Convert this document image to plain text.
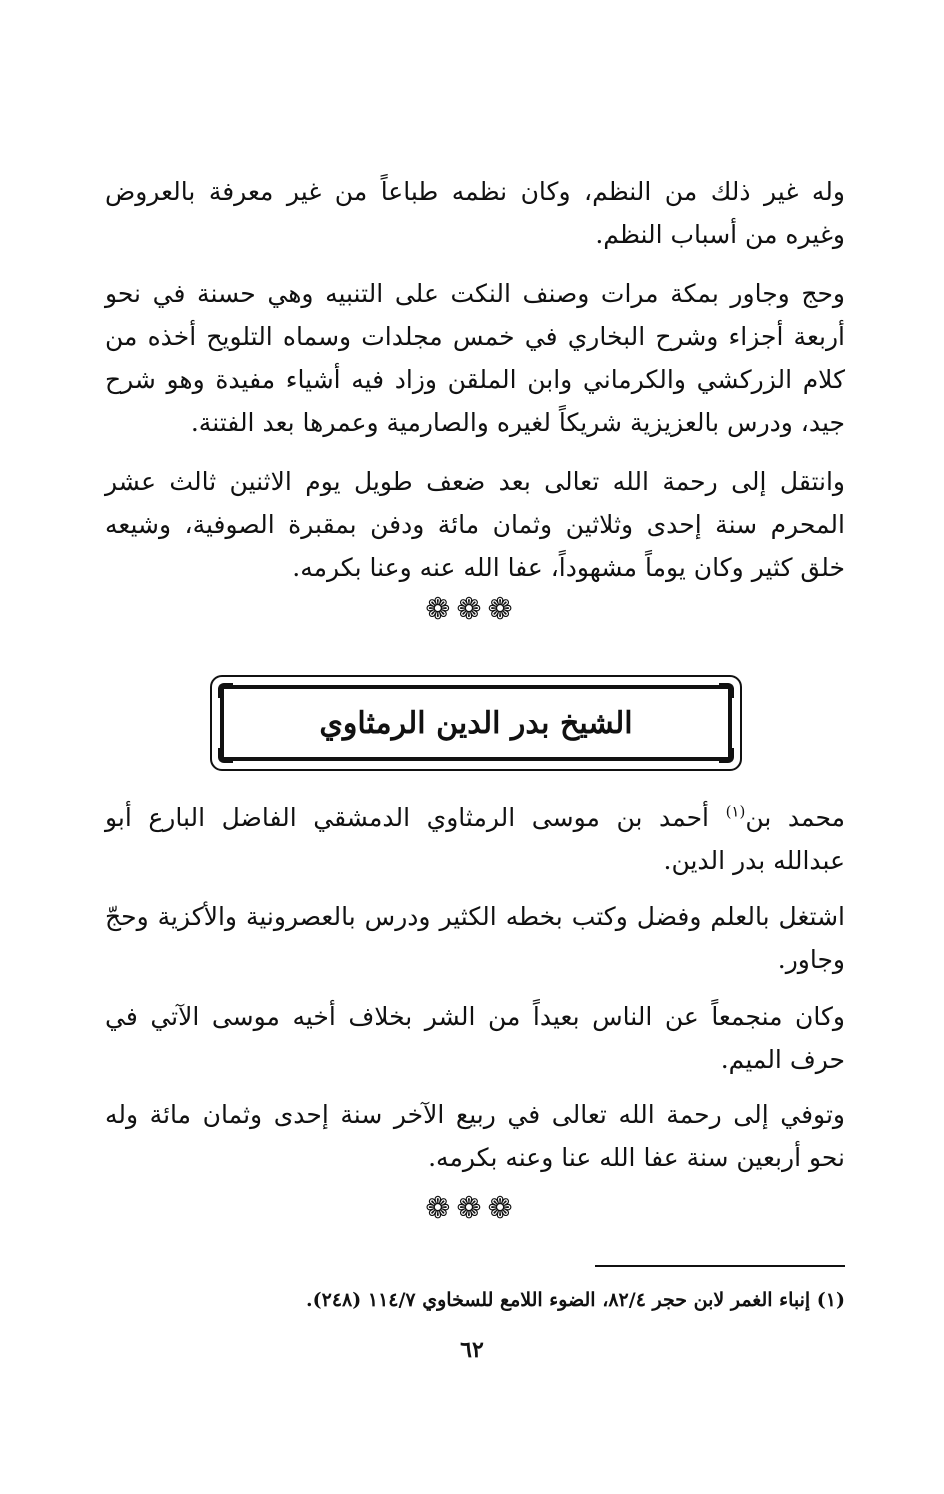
وله غير ذلك من النظم، وكان نظمه طباعاً من غير معرفة بالعروض وغيره من أسباب النظم.

وحج وجاور بمكة مرات وصنف النكت على التنبيه وهي حسنة في نحو أربعة أجزاء وشرح البخاري في خمس مجلدات وسماه التلويح أخذه من كلام الزركشي والكرماني وابن الملقن وزاد فيه أشياء مفيدة وهو شرح جيد، ودرس بالعزيزية شريكاً لغيره والصارمية وعمرها بعد الفتنة.

وانتقل إلى رحمة الله تعالى بعد ضعف طويل يوم الاثنين ثالث عشر المحرم سنة إحدى وثلاثين وثمان مائة ودفن بمقبرة الصوفية، وشيعه خلق كثير وكان يوماً مشهوداً، عفا الله عنه وعنا بكرمه.

❁❁❁
الشيخ بدر الدين الرمثاوي

محمد بن$^{(١)}$ أحمد بن موسى الرمثاوي الدمشقي الفاضل البارع أبو عبدالله بدر الدين.

اشتغل بالعلم وفضل وكتب بخطه الكثير ودرس بالعصرونية والأكزية وحجّ وجاور.

وكان منجمعاً عن الناس بعيداً من الشر بخلاف أخيه موسى الآتي في حرف الميم.

وتوفي إلى رحمة الله تعالى في ربيع الآخر سنة إحدى وثمان مائة وله نحو أربعين سنة عفا الله عنا وعنه بكرمه.

❁❁❁

(١) إنباء الغمر لابن حجر ٨٢/٤، الضوء اللامع للسخاوي ١١٤/٧ (٢٤٨).

٦٢
